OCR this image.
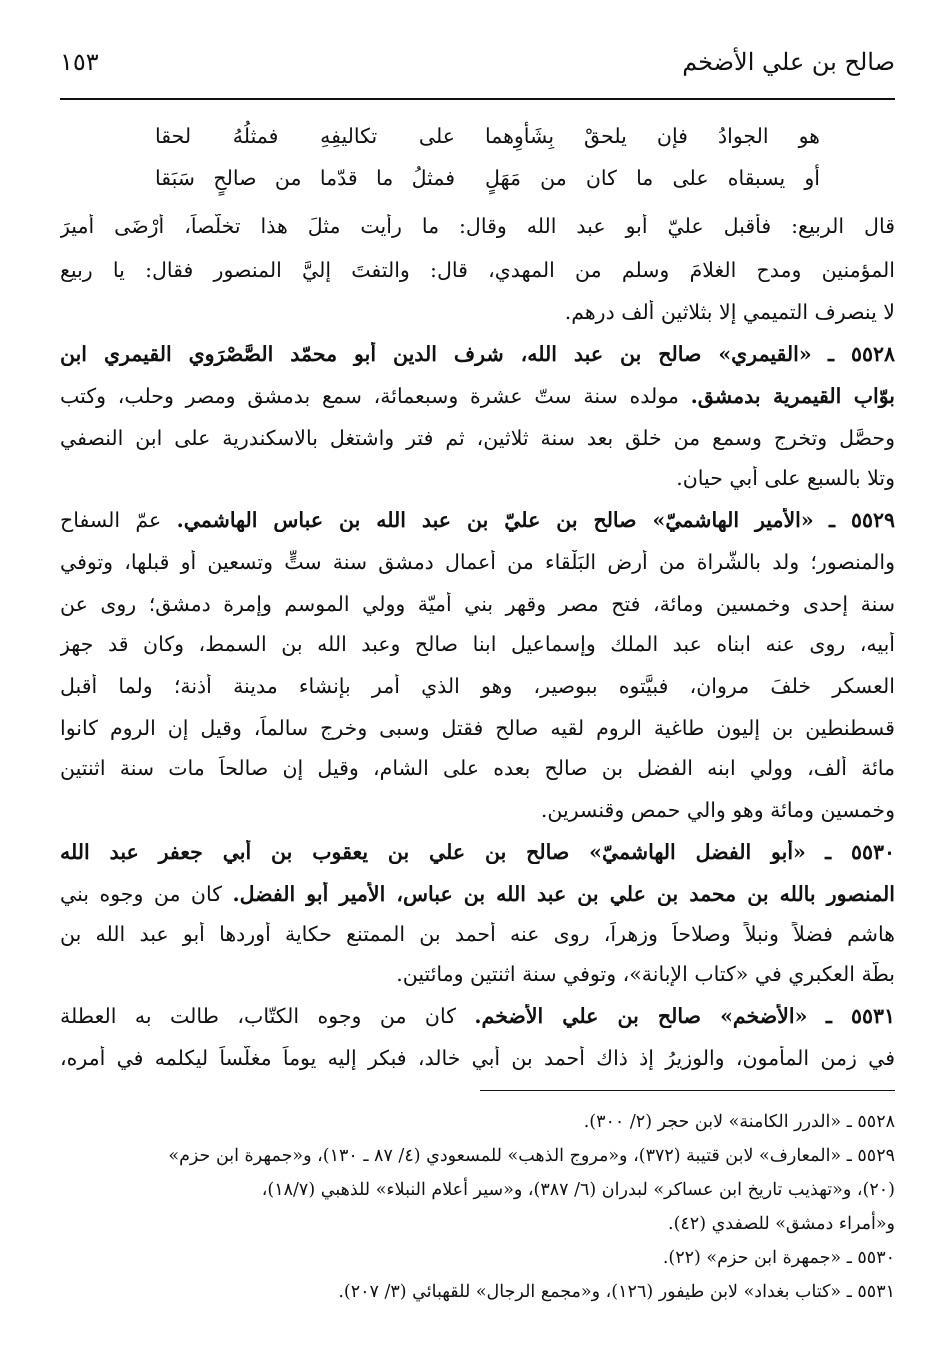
صالح بن علي الأضخم
١٥٣
هو الجوادُ فإن يلحقْ بِشَأوِهما
على تكاليفِهِ فمثلُهُ لحقا
أو يسبقاه على ما كان من مَهَلٍ
فمثلُ ما قدّما من صالحٍ سَبَقا
قال الربيع: فأقبل عليّ أبو عبد الله وقال: ما رأيت مثلَ هذا تخلّصاً، أرْضَى أميرَ
المؤمنين ومدح الغلامَ وسلم من المهدي، قال: والتفتَ إليَّ المنصور فقال: يا ربيع
لا ينصرف التميمي إلا بثلاثين ألف درهم.
٥٥٢٨ ـ «القيمري» صالح بن عبد الله، شرف الدين أبو محمّد الصَّصْرَوي القيمري ابن
بوّابِ القيمرية بدمشق. مولده سنة ستّ عشرة وسبعمائة، سمع بدمشق ومصر وحلب، وكتب
وحصَّل وتخرج وسمع من خلق بعد سنة ثلاثين، ثم فتر واشتغل بالاسكندرية على ابن النصفي
وتلا بالسبع على أبي حيان.
٥٥٢٩ ـ «الأمير الهاشميّ» صالح بن عليّ بن عبد الله بن عباس الهاشمي. عمّ السفاح
والمنصور؛ ولد بالشَّراة من أرض البَلْقاء من أعمال دمشق سنة ستٍّ وتسعين أو قبلها، وتوفي
سنة إحدى وخمسين ومائة، فتح مصر وقهر بني أُميّة وولي الموسم وإمرة دمشق؛ روى عن
أبيه، روى عنه ابناه عبد الملك وإسماعيل ابنا صالح وعبد الله بن السمط، وكان قد جهز
العسكر خلفَ مروان، فبيَّتوه ببوصير، وهو الذي أمر بإنشاء مدينة أذنة؛ ولما أقبل
قسطنطين بن إليون طاغية الروم لقيه صالح فقتل وسبى وخرج سالماً، وقيل إن الروم كانوا
مائة ألف، وولي ابنه الفضل بن صالح بعده على الشام، وقيل إن صالحاً مات سنة اثنتين
وخمسين ومائة وهو والي حمص وقنسرين.
٥٥٣٠ ـ «أبو الفضل الهاشميّ» صالح بن علي بن يعقوب بن أبي جعفر عبد الله
المنصور بالله بن محمد بن علي بن عبد الله بن عباس، الأمير أبو الفضل. كان من وجوه بني
هاشم فضلاً ونبلاً وصلاحاً وزهراً، روى عنه أحمد بن الممتنع حكاية أوردها أبو عبد الله بن
بطّة العكبري في «كتاب الإبانة»، وتوفي سنة اثنتين ومائتين.
٥٥٣١ ـ «الأضخم» صالح بن علي الأضخم. كان من وجوه الكتّاب، طالت به العطلة
في زمن المأمون، والوزيرُ إذ ذاك أحمد بن أبي خالد، فبكر إليه يوماً مغلّساً ليكلمه في أمره،
٥٥٢٨ ـ «الدرر الكامنة» لابن حجر (٢/ ٣٠٠).
٥٥٢٩ ـ «المعارف» لابن قتيبة (٣٧٢)، و«مروج الذهب» للمسعودي (٤/ ٨٧ ـ ١٣٠)، و«جمهرة ابن حزم»
(٢٠)، و«تهذيب تاريخ ابن عساكر» لبدران (٦/ ٣٨٧)، و«سير أعلام النبلاء» للذهبي (١٨/٧)،
و«أمراء دمشق» للصفدي (٤٢).
٥٥٣٠ ـ «جمهرة ابن حزم» (٢٢).
٥٥٣١ ـ «كتاب بغداد» لابن طيفور (١٢٦)، و«مجمع الرجال» للقهبائي (٣/ ٢٠٧).
